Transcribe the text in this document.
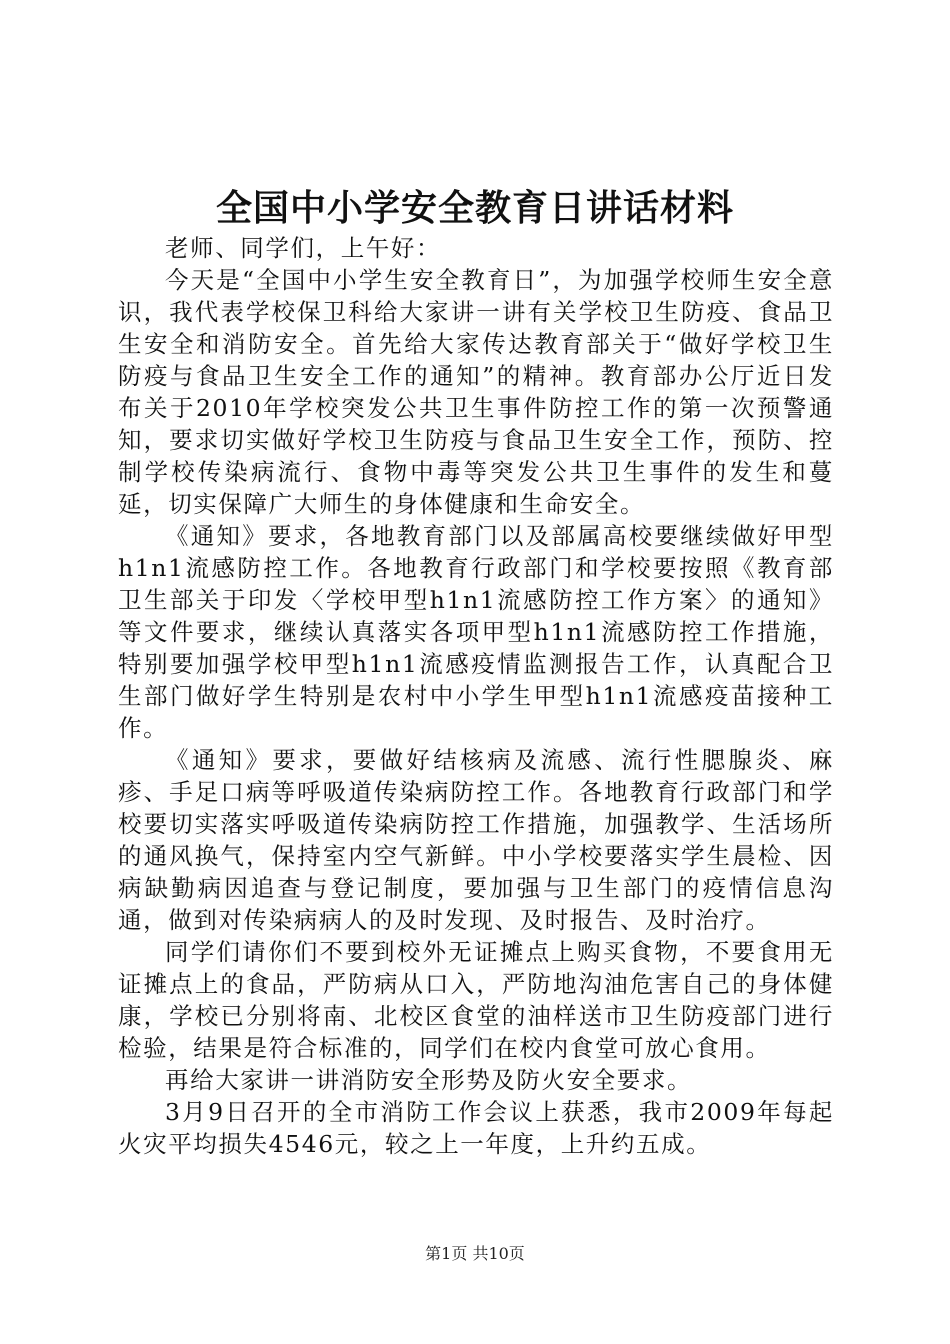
全国中小学安全教育日讲话材料

老师、同学们，上午好：

今天是“全国中小学生安全教育日”，为加强学校师生安全意识，我代表学校保卫科给大家讲一讲有关学校卫生防疫、食品卫生安全和消防安全。首先给大家传达教育部关于“做好学校卫生防疫与食品卫生安全工作的通知”的精神。教育部办公厅近日发布关于2010年学校突发公共卫生事件防控工作的第一次预警通知，要求切实做好学校卫生防疫与食品卫生安全工作，预防、控制学校传染病流行、食物中毒等突发公共卫生事件的发生和蔓延，切实保障广大师生的身体健康和生命安全。

《通知》要求，各地教育部门以及部属高校要继续做好甲型h1n1流感防控工作。各地教育行政部门和学校要按照《教育部卫生部关于印发〈学校甲型h1n1流感防控工作方案〉的通知》等文件要求，继续认真落实各项甲型h1n1流感防控工作措施，特别要加强学校甲型h1n1流感疫情监测报告工作，认真配合卫生部门做好学生特别是农村中小学生甲型h1n1流感疫苗接种工作。

《通知》要求，要做好结核病及流感、流行性腮腺炎、麻疹、手足口病等呼吸道传染病防控工作。各地教育行政部门和学校要切实落实呼吸道传染病防控工作措施，加强教学、生活场所的通风换气，保持室内空气新鲜。中小学校要落实学生晨检、因病缺勤病因追查与登记制度，要加强与卫生部门的疫情信息沟通，做到对传染病病人的及时发现、及时报告、及时治疗。

同学们请你们不要到校外无证摊点上购买食物，不要食用无证摊点上的食品，严防病从口入，严防地沟油危害自己的身体健康，学校已分别将南、北校区食堂的油样送市卫生防疫部门进行检验，结果是符合标准的，同学们在校内食堂可放心食用。

再给大家讲一讲消防安全形势及防火安全要求。

3月9日召开的全市消防工作会议上获悉，我市2009年每起火灾平均损失4546元，较之上一年度，上升约五成。

第1页 共10页
